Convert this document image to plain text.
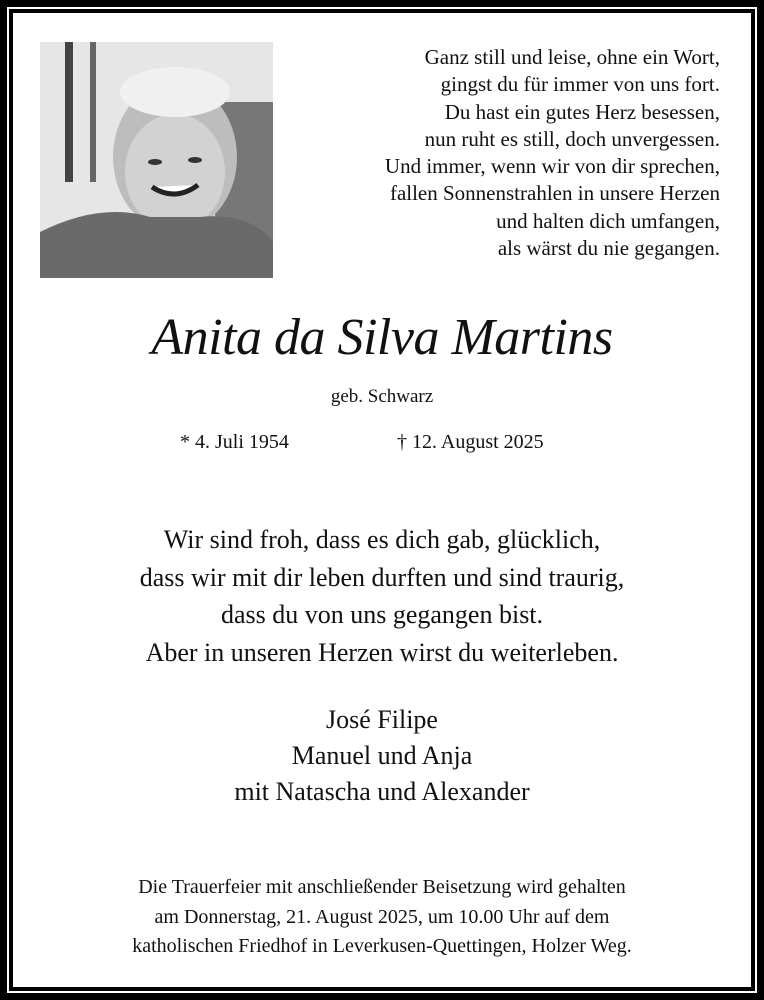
Ganz still und leise, ohne ein Wort,
gingst du für immer von uns fort.
Du hast ein gutes Herz besessen,
nun ruht es still, doch unvergessen.
Und immer, wenn wir von dir sprechen,
fallen Sonnenstrahlen in unsere Herzen
und halten dich umfangen,
als wärst du nie gegangen.
Anita da Silva Martins
geb. Schwarz
* 4. Juli 1954	† 12. August 2025
Wir sind froh, dass es dich gab, glücklich,
dass wir mit dir leben durften und sind traurig,
dass du von uns gegangen bist.
Aber in unseren Herzen wirst du weiterleben.
José Filipe
Manuel und Anja
mit Natascha und Alexander
Die Trauerfeier mit anschließender Beisetzung wird gehalten
am Donnerstag, 21. August 2025, um 10.00 Uhr auf dem
katholischen Friedhof in Leverkusen-Quettingen, Holzer Weg.
